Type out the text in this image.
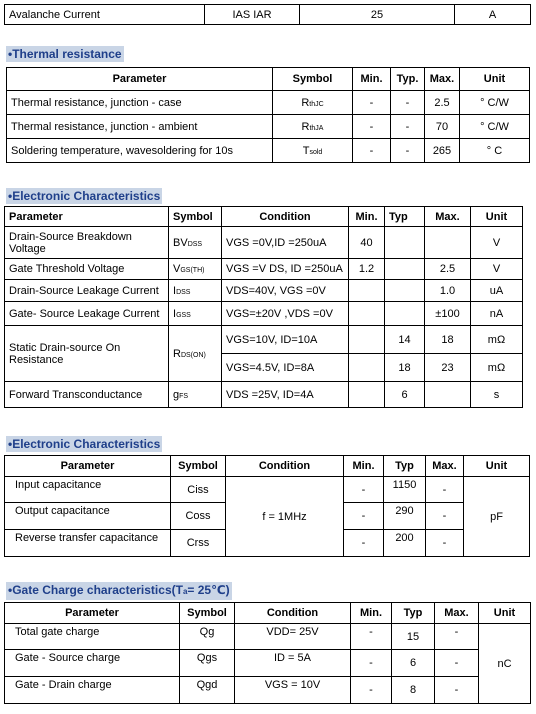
Avalanche Current	IAS IAR	25	A
•Thermal resistance
Parameter	Symbol	Min.	Typ.	Max.	Unit
Thermal resistance, junction - case	RthJC	-	-	2.5	° C/W
Thermal resistance, junction - ambient	RthJA	-	-	70	° C/W
Soldering temperature, wavesoldering for 10s	Tsold	-	-	265	° C
•Electronic Characteristics
Parameter	Symbol	Condition	Min.	Typ	Max.	Unit
Drain-Source Breakdown Voltage	BVDSS	VGS =0V,ID =250uA	40			V
Gate Threshold Voltage	VGS(TH)	VGS =V DS, ID =250uA	1.2		2.5	V
Drain-Source Leakage Current	IDSS	VDS=40V, VGS =0V			1.0	uA
Gate- Source Leakage Current	IGSS	VGS=±20V ,VDS =0V			±100	nA
Static Drain-source On Resistance	RDS(ON)	VGS=10V, ID=10A		14	18	mΩ
		VGS=4.5V, ID=8A		18	23	mΩ
Forward Transconductance	gFS	VDS =25V, ID=4A		6		s
•Electronic Characteristics
Parameter	Symbol	Condition	Min.	Typ	Max.	Unit
Input capacitance	Ciss	f = 1MHz	-	1150	-	pF
Output capacitance	Coss		-	290	-	
Reverse transfer capacitance	Crss		-	200	-	
•Gate Charge characteristics(Ta= 25℃)
Parameter	Symbol	Condition	Min.	Typ	Max.	Unit
Total gate charge	Qg	VDD= 25V	-	15	-	nC
Gate - Source charge	Qgs	ID = 5A	-	6	-	
Gate - Drain charge	Qgd	VGS = 10V	-	8	-	
